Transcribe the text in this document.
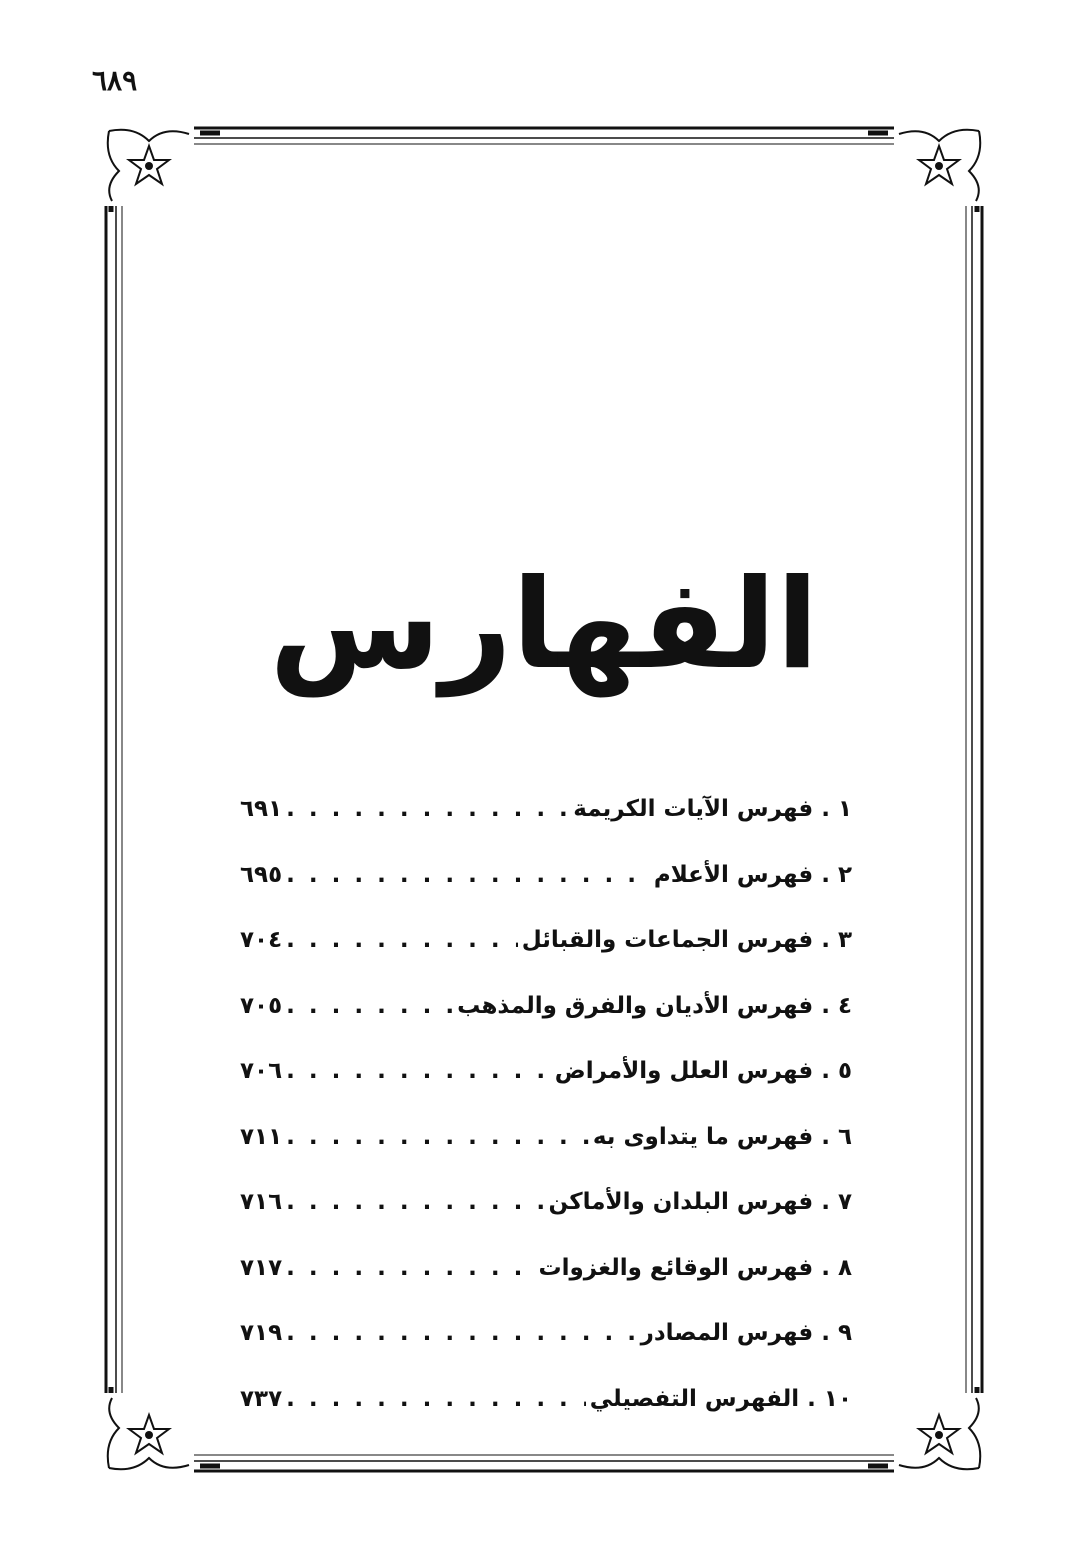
٦٨٩
الفهارس
١ . فهرس الآيات الكريمة
. . .
٦٩١
٢ . فهرس الأعلام
. . .
٦٩٥
٣ . فهرس الجماعات والقبائل
. . .
٧٠٤
٤ . فهرس الأديان والفرق والمذهب
. . .
٧٠٥
٥ . فهرس العلل والأمراض
. . .
٧٠٦
٦ . فهرس ما يتداوى به
. . .
٧١١
٧ . فهرس البلدان والأماكن
. . .
٧١٦
٨ . فهرس الوقائع والغزوات
. . .
٧١٧
٩ . فهرس المصادر
. . .
٧١٩
١٠ . الفهرس التفصيلي
. . .
٧٣٧
